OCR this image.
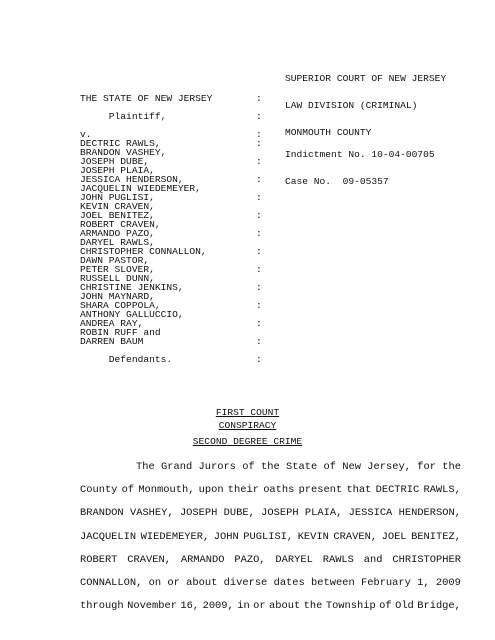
SUPERIOR COURT OF NEW JERSEY

LAW DIVISION (CRIMINAL)

MONMOUTH COUNTY

THE STATE OF NEW JERSEY
Plaintiff,
v.
DECTRIC RAWLS,
BRANDON VASHEY,
JOSEPH DUBE,
JOSEPH PLAIA,
JESSICA HENDERSON,
JACQUELIN WIEDEMEYER,
JOHN PUGLISI,
KEVIN CRAVEN,
JOEL BENITEZ,
ROBERT CRAVEN,
ARMANDO PAZO,
DARYEL RAWLS,
CHRISTOPHER CONNALLON,
DAWN PASTOR,
PETER SLOVER,
RUSSELL DUNN,
CHRISTINE JENKINS,
JOHN MAYNARD,
SHARA COPPOLA,
ANTHONY GALLUCCIO,
ANDREA RAY,
ROBIN RUFF and
DARREN BAUM
Defendants.
:
:
:
:
:
:
:
:
:
:
:
:
:
:
:
:

Indictment No. 10-04-00705

Case No.  09-05357

FIRST COUNT
CONSPIRACY
SECOND DEGREE CRIME
The Grand Jurors of the State of New Jersey, for the
County of Monmouth, upon their oaths present that DECTRIC RAWLS,
BRANDON VASHEY, JOSEPH DUBE, JOSEPH PLAIA, JESSICA HENDERSON,
JACQUELIN WIEDEMEYER, JOHN PUGLISI, KEVIN CRAVEN, JOEL BENITEZ,
ROBERT CRAVEN, ARMANDO PAZO, DARYEL RAWLS and CHRISTOPHER
CONNALLON, on or about diverse dates between February 1, 2009
through November 16, 2009, in or about the Township of Old Bridge,
